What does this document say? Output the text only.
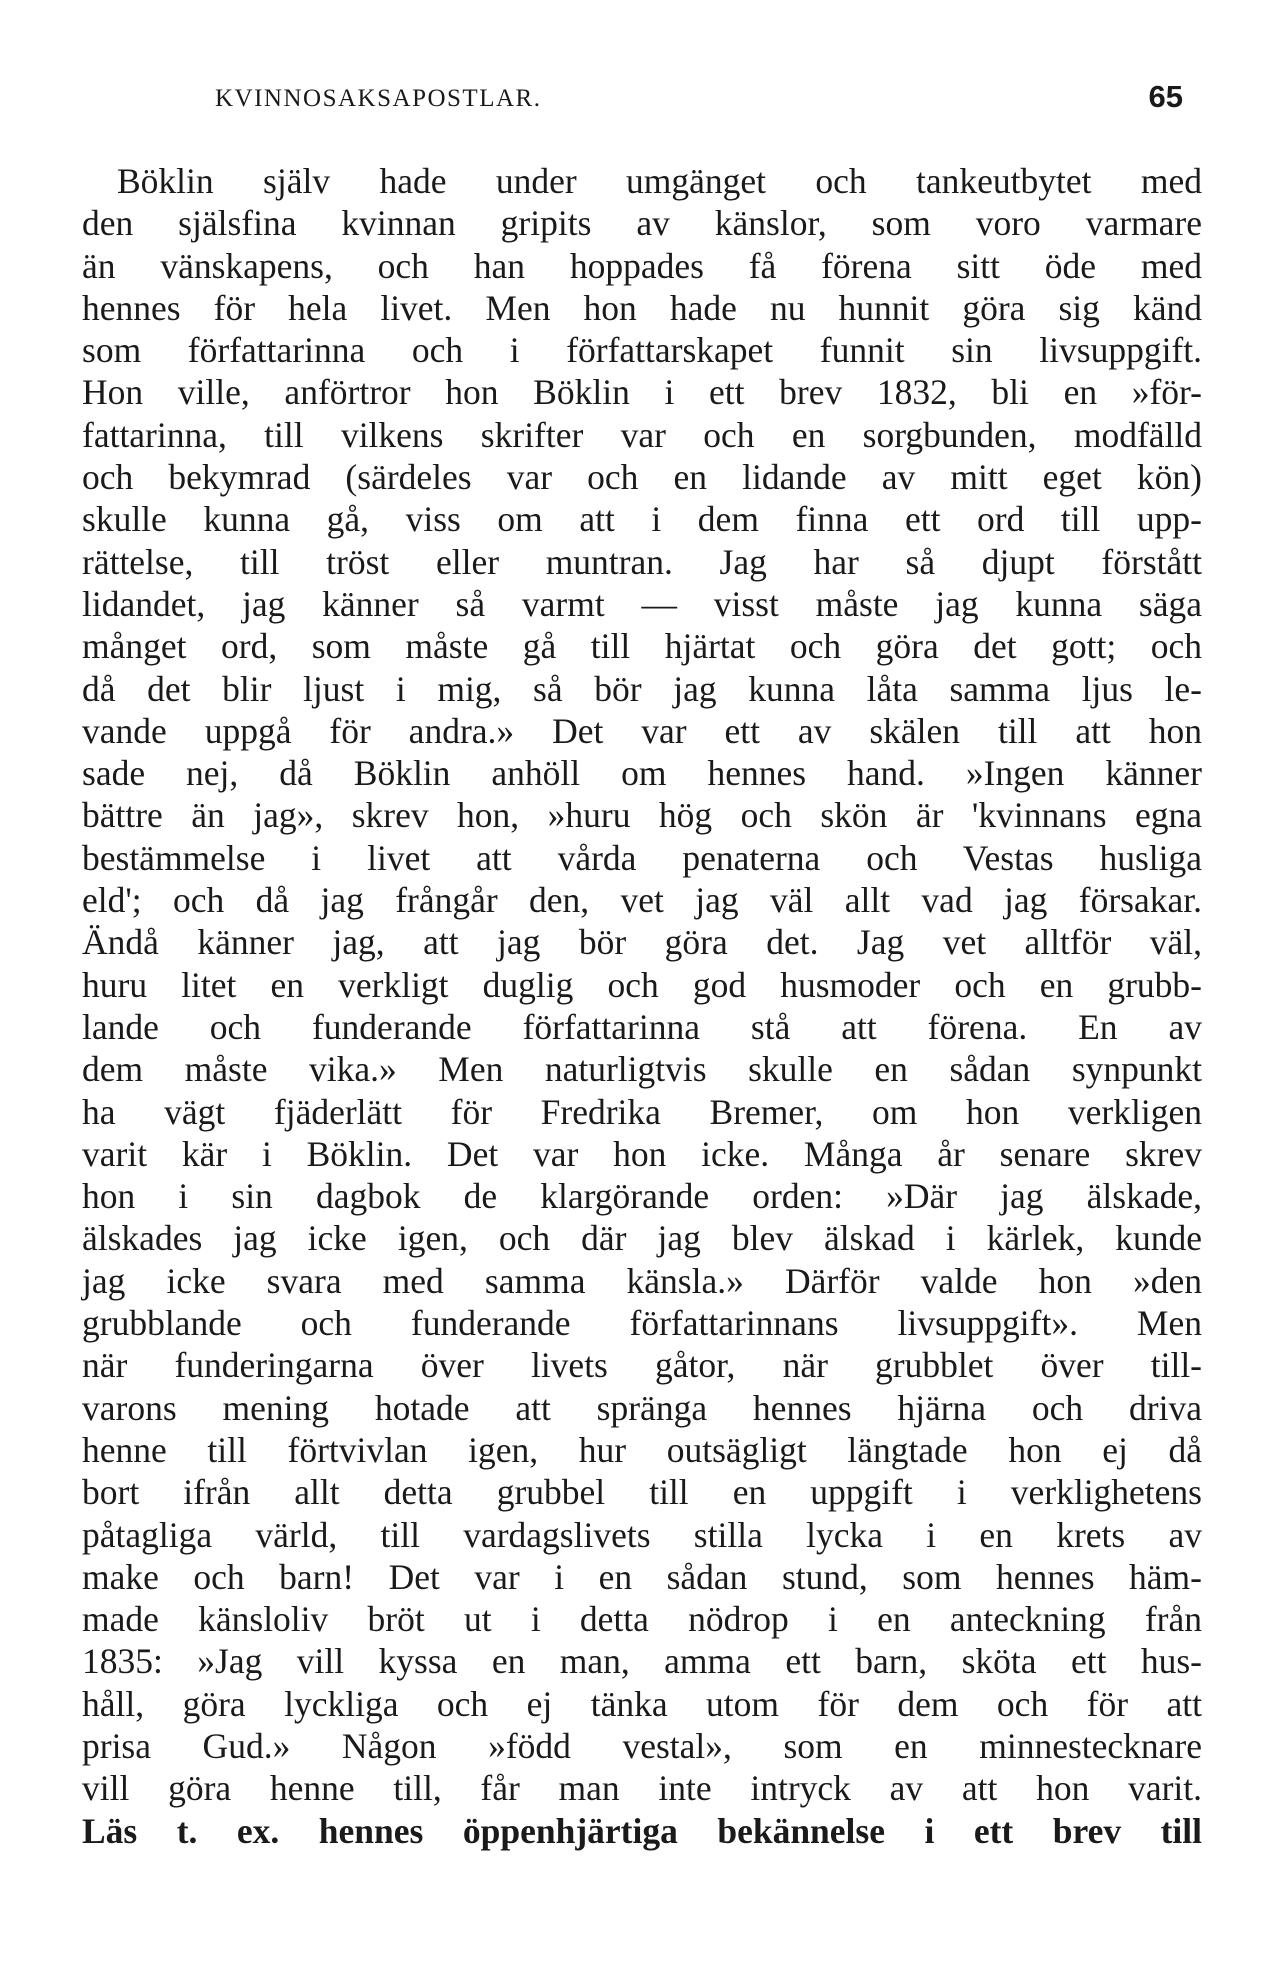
KVINNOSAKSAPOSTLAR.	65
Böklin själv hade under umgänget och tankeutbytet med
den själsfina kvinnan gripits av känslor, som voro varmare
än vänskapens, och han hoppades få förena sitt öde med
hennes för hela livet. Men hon hade nu hunnit göra sig känd
som författarinna och i författarskapet funnit sin livsuppgift.
Hon ville, anförtror hon Böklin i ett brev 1832, bli en »för-
fattarinna, till vilkens skrifter var och en sorgbunden, modfälld
och bekymrad (särdeles var och en lidande av mitt eget kön)
skulle kunna gå, viss om att i dem finna ett ord till upp-
rättelse, till tröst eller muntran. Jag har så djupt förstått
lidandet, jag känner så varmt — visst måste jag kunna säga
månget ord, som måste gå till hjärtat och göra det gott; och
då det blir ljust i mig, så bör jag kunna låta samma ljus le-
vande uppgå för andra.» Det var ett av skälen till att hon
sade nej, då Böklin anhöll om hennes hand. »Ingen känner
bättre än jag», skrev hon, »huru hög och skön är 'kvinnans egna
bestämmelse i livet att vårda penaterna och Vestas husliga
eld'; och då jag frångår den, vet jag väl allt vad jag försakar.
Ändå känner jag, att jag bör göra det. Jag vet alltför väl,
huru litet en verkligt duglig och god husmoder och en grubb-
lande och funderande författarinna stå att förena. En av
dem måste vika.» Men naturligtvis skulle en sådan synpunkt
ha vägt fjäderlätt för Fredrika Bremer, om hon verkligen
varit kär i Böklin. Det var hon icke. Många år senare skrev
hon i sin dagbok de klargörande orden: »Där jag älskade,
älskades jag icke igen, och där jag blev älskad i kärlek, kunde
jag icke svara med samma känsla.» Därför valde hon »den
grubblande och funderande författarinnans livsuppgift». Men
när funderingarna över livets gåtor, när grubblet över till-
varons mening hotade att spränga hennes hjärna och driva
henne till förtvivlan igen, hur outsägligt längtade hon ej då
bort ifrån allt detta grubbel till en uppgift i verklighetens
påtagliga värld, till vardagslivets stilla lycka i en krets av
make och barn! Det var i en sådan stund, som hennes häm-
made känsloliv bröt ut i detta nödrop i en anteckning från
1835: »Jag vill kyssa en man, amma ett barn, sköta ett hus-
håll, göra lyckliga och ej tänka utom för dem och för att
prisa Gud.» Någon »född vestal», som en minnestecknare
vill göra henne till, får man inte intryck av att hon varit.
Läs t. ex. hennes öppenhjärtiga bekännelse i ett brev till
